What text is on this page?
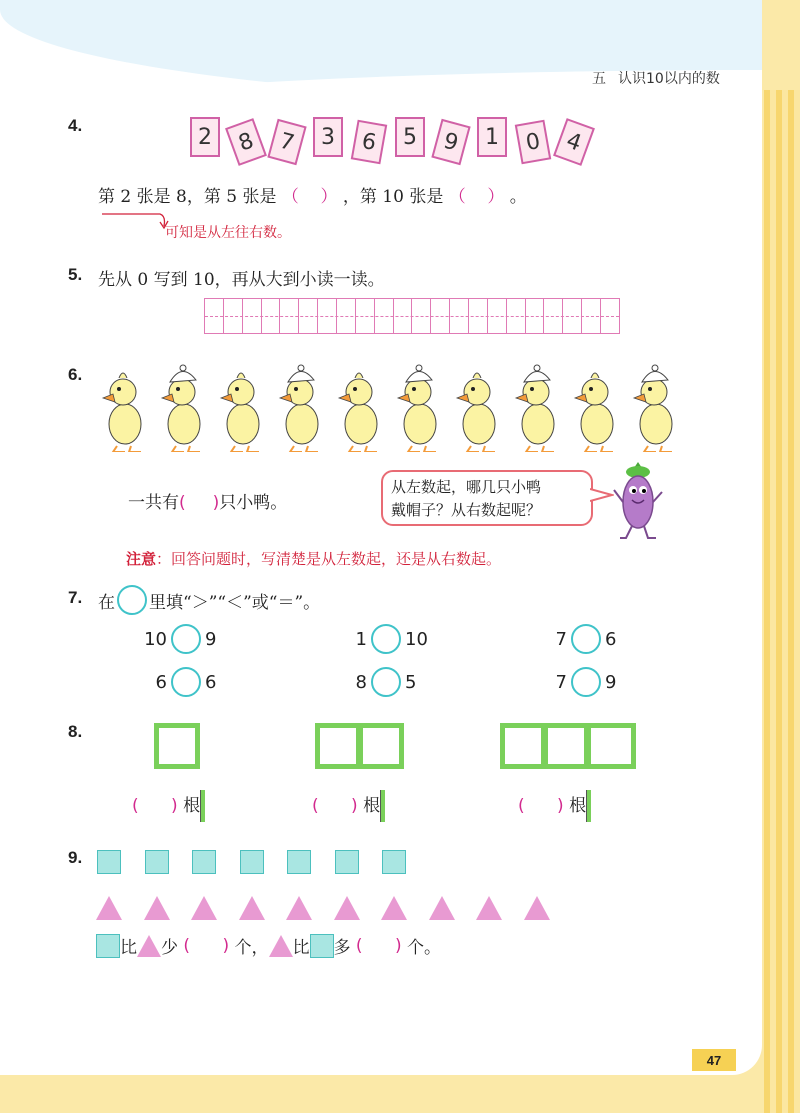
五 认识10以内的数
4.	2	8 7	3	6	5	9	1	0 4
第 2 张是 8，第 5 张是 （ ） ，第 10 张是 （ ） 。
可知是从左往右数。
5. 先从 0 写到 10，再从大到小读一读。
6.
一共有(     )只小鸭。
从左数起，哪几只小鸭
戴帽子？从右数起呢？
注意：回答问题时，写清楚是从左数起，还是从右数起。
7. 在 里填“＞”“＜”或“＝”。
10 9	1 10	7 6
6 6	8 5	7 9
8.
(      ) 根	(      ) 根	(      ) 根
9.
比 少 (      ) 个， 比 多 (      ) 个。
47
